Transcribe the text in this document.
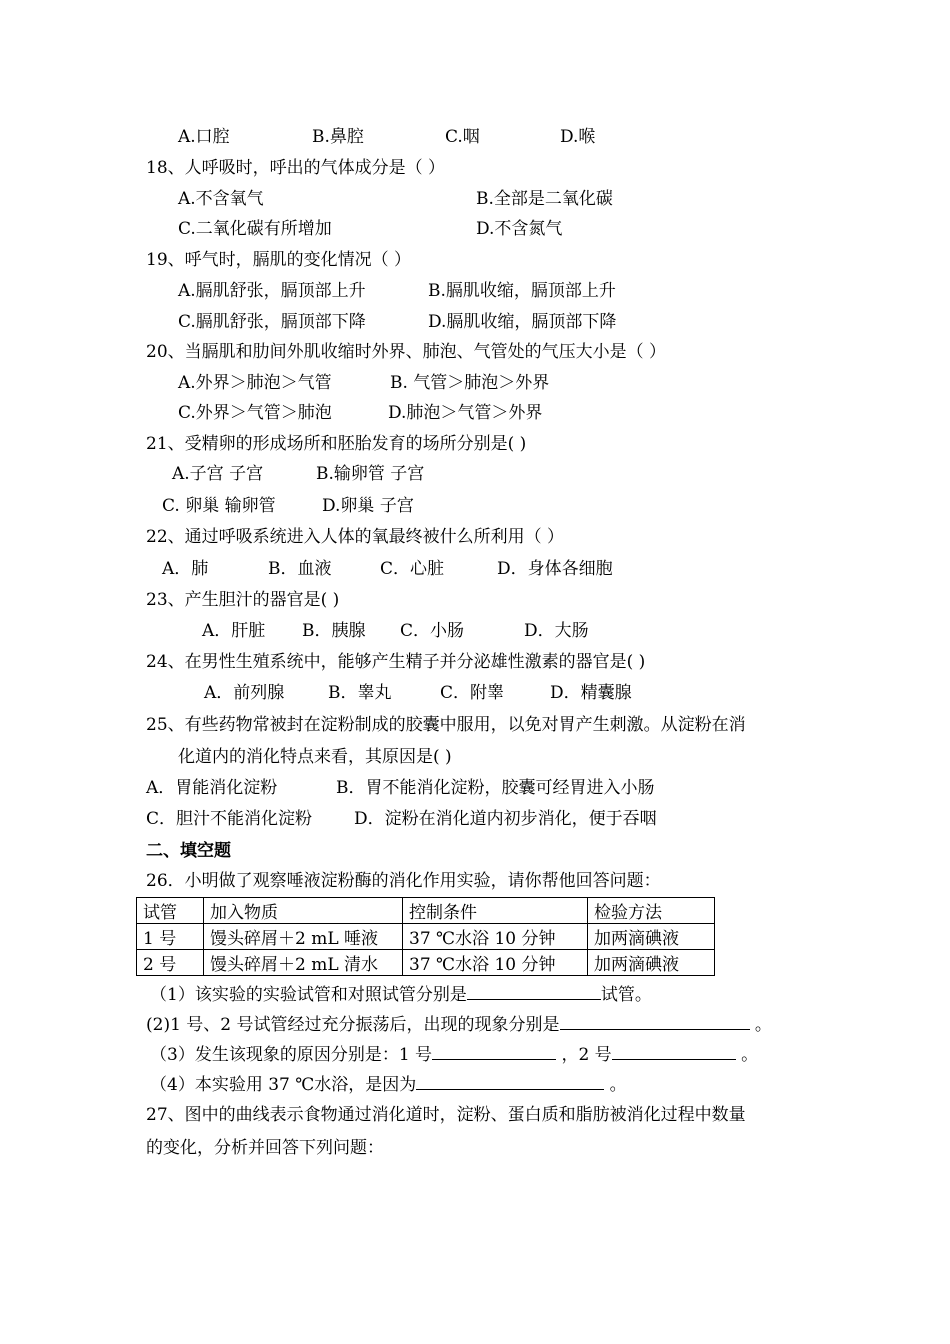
A.口腔	B.鼻腔	C.咽	D.喉
18、人呼吸时，呼出的气体成分是（ ）
A.不含氧气	B.全部是二氧化碳
C.二氧化碳有所增加	D.不含氮气
19、呼气时，膈肌的变化情况（ ）
A.膈肌舒张，膈顶部上升	B.膈肌收缩，膈顶部上升
C.膈肌舒张，膈顶部下降	D.膈肌收缩，膈顶部下降
20、当膈肌和肋间外肌收缩时外界、肺泡、气管处的气压大小是（ ）
A.外界＞肺泡＞气管	B. 气管＞肺泡＞外界
C.外界＞气管＞肺泡	D.肺泡＞气管＞外界
21、受精卵的形成场所和胚胎发育的场所分别是( )
A.子宫 子宫	B.输卵管 子宫
C. 卵巢 输卵管	D.卵巢 子宫
22、通过呼吸系统进入人体的氧最终被什么所利用（ ）
A．肺	B．血液	C．心脏	D．身体各细胞
23、产生胆汁的器官是( )
A．肝脏 B．胰腺 C．小肠	D．大肠
24、在男性生殖系统中，能够产生精子并分泌雄性激素的器官是( )
A．前列腺	B．睾丸	C．附睾	D．精囊腺
25、有些药物常被封在淀粉制成的胶囊中服用，以免对胃产生刺激。从淀粉在消
化道内的消化特点来看，其原因是( )
A．胃能消化淀粉	B．胃不能消化淀粉，胶囊可经胃进入小肠
C．胆汁不能消化淀粉 D．淀粉在消化道内初步消化，便于吞咽
二、填空题
26．小明做了观察唾液淀粉酶的消化作用实验，请你帮他回答问题：
试管	加入物质	控制条件	检验方法
1 号	馒头碎屑＋2 mL 唾液	37 ℃水浴 10 分钟	加两滴碘液
2 号	馒头碎屑＋2 mL 清水	37 ℃水浴 10 分钟	加两滴碘液
（1）该实验的实验试管和对照试管分别是	试管。
(2)1 号、2 号试管经过充分振荡后，出现的现象分别是	。
（3）发生该现象的原因分别是：1 号	，2 号	。
（4）本实验用 37 ℃水浴，是因为	。
27、图中的曲线表示食物通过消化道时，淀粉、蛋白质和脂肪被消化过程中数量
的变化，分析并回答下列问题：
